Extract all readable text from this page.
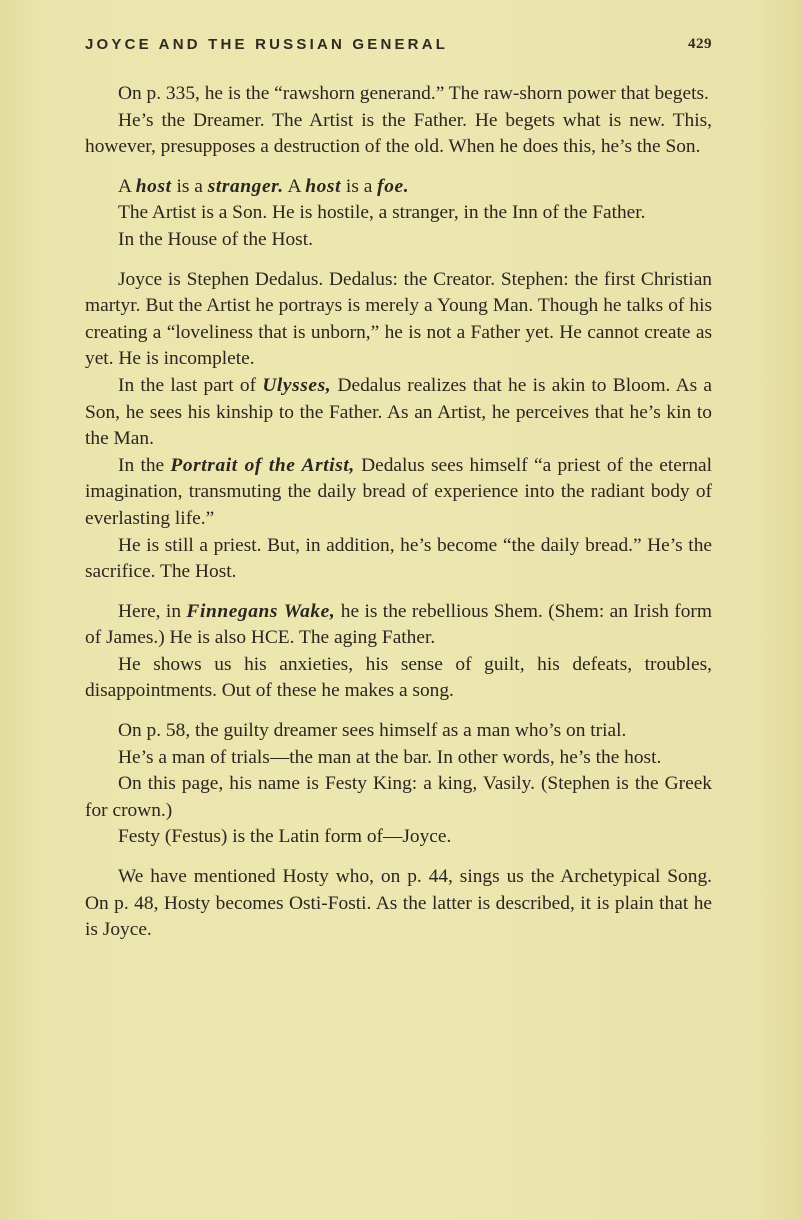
JOYCE AND THE RUSSIAN GENERAL	429

On p. 335, he is the “rawshorn generand.” The raw-shorn power that begets.

He’s the Dreamer. The Artist is the Father. He begets what is new. This, however, presupposes a destruction of the old. When he does this, he’s the Son.

A host is a stranger. A host is a foe.

The Artist is a Son. He is hostile, a stranger, in the Inn of the Father.

In the House of the Host.

Joyce is Stephen Dedalus. Dedalus: the Creator. Stephen: the first Christian martyr. But the Artist he portrays is merely a Young Man. Though he talks of his creating a “loveliness that is unborn,” he is not a Father yet. He cannot create as yet. He is incomplete.

In the last part of Ulysses, Dedalus realizes that he is akin to Bloom. As a Son, he sees his kinship to the Father. As an Artist, he perceives that he’s kin to the Man.

In the Portrait of the Artist, Dedalus sees himself “a priest of the eternal imagination, transmuting the daily bread of experience into the radiant body of everlasting life.”

He is still a priest. But, in addition, he’s become “the daily bread.” He’s the sacrifice. The Host.

Here, in Finnegans Wake, he is the rebellious Shem. (Shem: an Irish form of James.) He is also HCE. The aging Father.

He shows us his anxieties, his sense of guilt, his defeats, troubles, disappointments. Out of these he makes a song.

On p. 58, the guilty dreamer sees himself as a man who’s on trial.

He’s a man of trials—the man at the bar. In other words, he’s the host.

On this page, his name is Festy King: a king, Vasily. (Stephen is the Greek for crown.)

Festy (Festus) is the Latin form of—Joyce.

We have mentioned Hosty who, on p. 44, sings us the Archetypical Song. On p. 48, Hosty becomes Osti-Fosti. As the latter is described, it is plain that he is Joyce.
